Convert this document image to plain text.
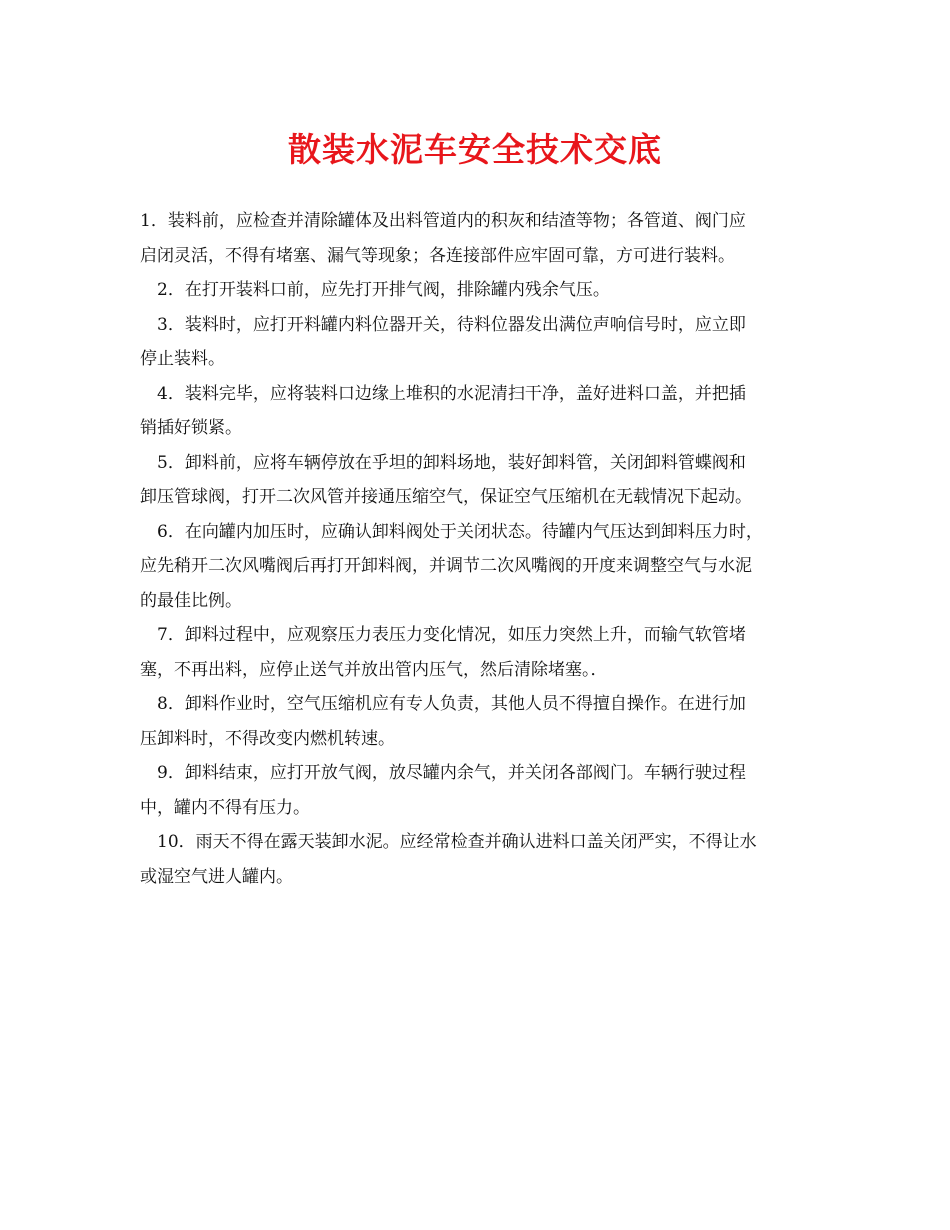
散装水泥车安全技术交底
1．装料前，应检查并清除罐体及出料管道内的积灰和结渣等物；各管道、阀门应
启闭灵活，不得有堵塞、漏气等现象；各连接部件应牢固可靠，方可进行装料。
2．在打开装料口前，应先打开排气阀，排除罐内残余气压。
3．装料时，应打开料罐内料位器开关，待料位器发出满位声响信号时，应立即
停止装料。
4．装料完毕，应将装料口边缘上堆积的水泥清扫干净，盖好进料口盖，并把插
销插好锁紧。
5．卸料前，应将车辆停放在乎坦的卸料场地，装好卸料管，关闭卸料管蝶阀和
卸压管球阀，打开二次风管并接通压缩空气，保证空气压缩机在无载情况下起动。
6．在向罐内加压时，应确认卸料阀处于关闭状态。待罐内气压达到卸料压力时，
应先稍开二次风嘴阀后再打开卸料阀，并调节二次风嘴阀的开度来调整空气与水泥
的最佳比例。
7．卸料过程中，应观察压力表压力变化情况，如压力突然上升，而输气软管堵
塞，不再出料，应停止送气并放出管内压气，然后清除堵塞。．
8．卸料作业时，空气压缩机应有专人负责，其他人员不得擅自操作。在进行加
压卸料时，不得改变内燃机转速。
9．卸料结束，应打开放气阀，放尽罐内余气，并关闭各部阀门。车辆行驶过程
中，罐内不得有压力。
10．雨天不得在露天装卸水泥。应经常检查并确认进料口盖关闭严实，不得让水
或湿空气进人罐内。
